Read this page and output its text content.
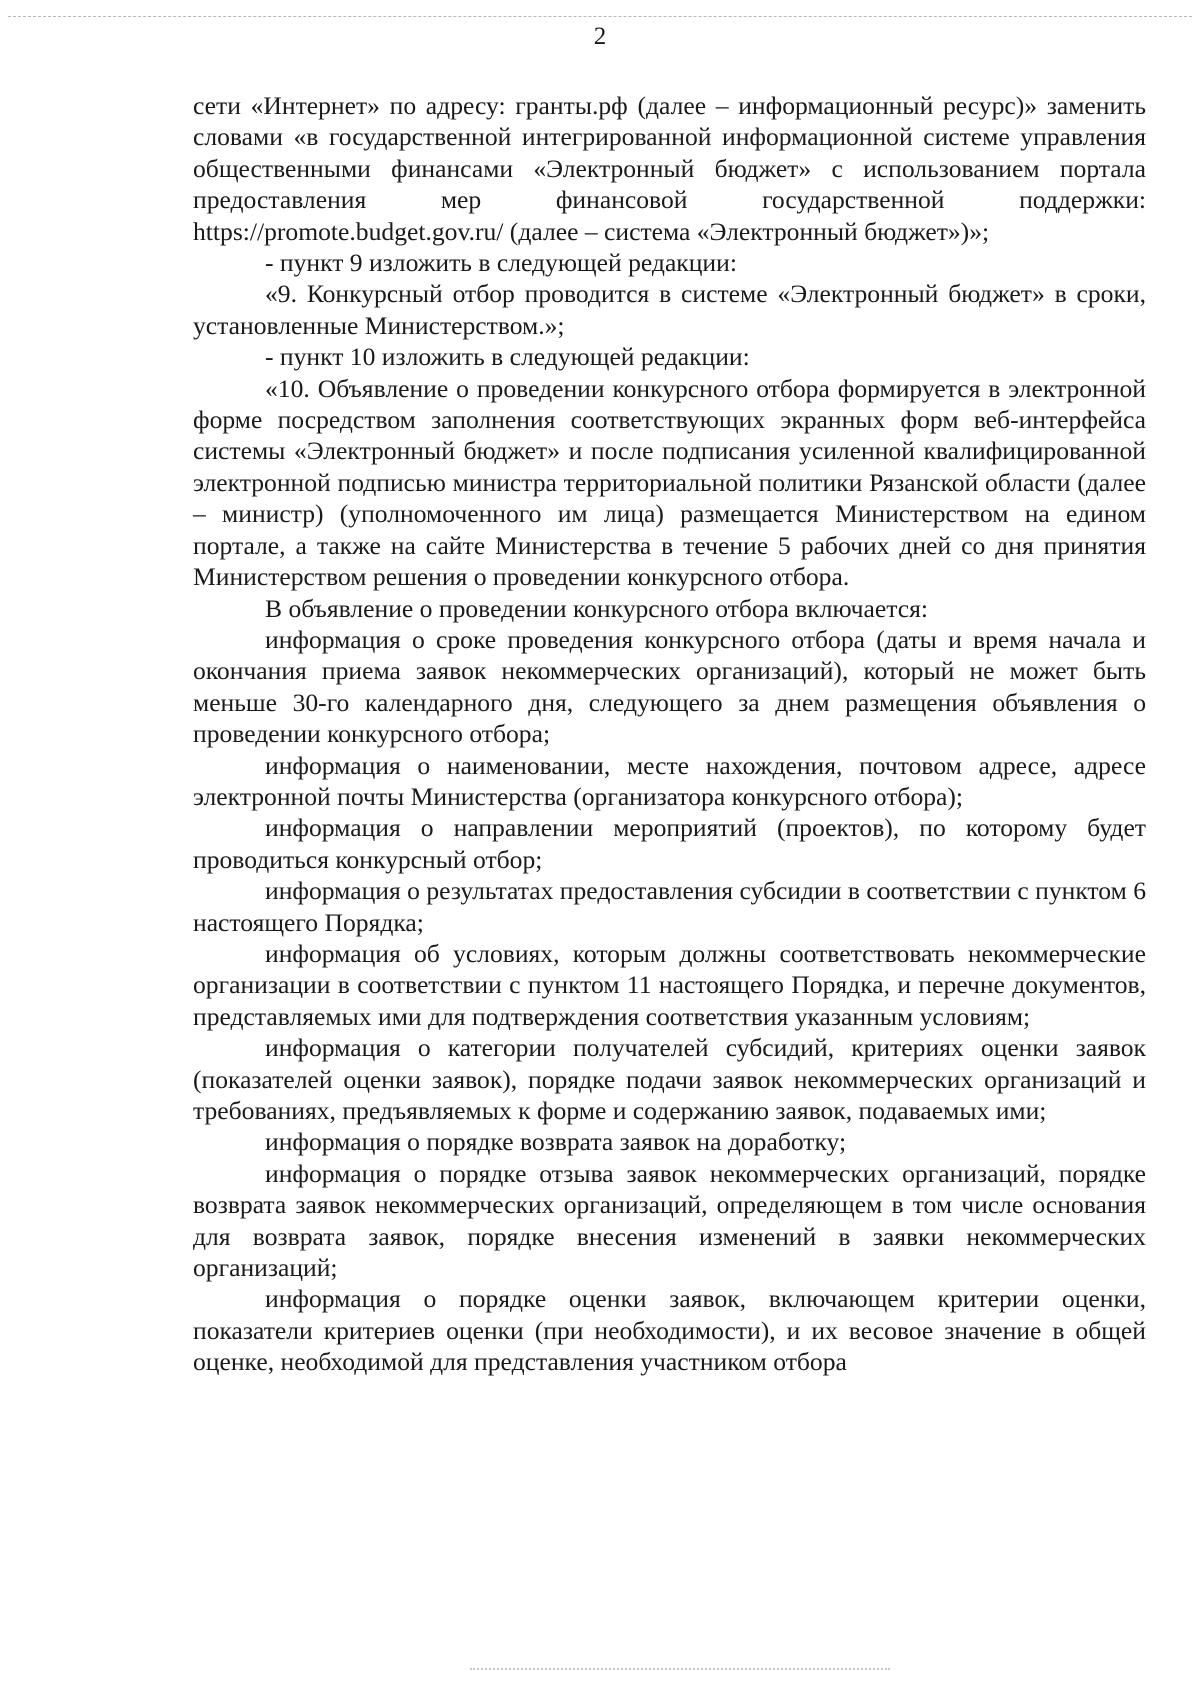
2

сети «Интернет» по адресу: гранты.рф (далее – информационный ресурс)» заменить словами «в государственной интегрированной информационной системе управления общественными финансами «Электронный бюджет» с использованием портала предоставления мер финансовой государственной поддержки: https://promote.budget.gov.ru/ (далее – система «Электронный бюджет»)»;

- пункт 9 изложить в следующей редакции:

«9. Конкурсный отбор проводится в системе «Электронный бюджет» в сроки, установленные Министерством.»;

- пункт 10 изложить в следующей редакции:

«10. Объявление о проведении конкурсного отбора формируется в электронной форме посредством заполнения соответствующих экранных форм веб-интерфейса системы «Электронный бюджет» и после подписания усиленной квалифицированной электронной подписью министра территориальной политики Рязанской области (далее – министр) (уполномоченного им лица) размещается Министерством на едином портале, а также на сайте Министерства в течение 5 рабочих дней со дня принятия Министерством решения о проведении конкурсного отбора.

В объявление о проведении конкурсного отбора включается:

информация о сроке проведения конкурсного отбора (даты и время начала и окончания приема заявок некоммерческих организаций), который не может быть меньше 30-го календарного дня, следующего за днем размещения объявления о проведении конкурсного отбора;

информация о наименовании, месте нахождения, почтовом адресе, адресе электронной почты Министерства (организатора конкурсного отбора);

информация о направлении мероприятий (проектов), по которому будет проводиться конкурсный отбор;

информация о результатах предоставления субсидии в соответствии с пунктом 6 настоящего Порядка;

информация об условиях, которым должны соответствовать некоммерческие организации в соответствии с пунктом 11 настоящего Порядка, и перечне документов, представляемых ими для подтверждения соответствия указанным условиям;

информация о категории получателей субсидий, критериях оценки заявок (показателей оценки заявок), порядке подачи заявок некоммерческих организаций и требованиях, предъявляемых к форме и содержанию заявок, подаваемых ими;

информация о порядке возврата заявок на доработку;

информация о порядке отзыва заявок некоммерческих организаций, порядке возврата заявок некоммерческих организаций, определяющем в том числе основания для возврата заявок, порядке внесения изменений в заявки некоммерческих организаций;

информация о порядке оценки заявок, включающем критерии оценки, показатели критериев оценки (при необходимости), и их весовое значение в общей оценке, необходимой для представления участником отбора
